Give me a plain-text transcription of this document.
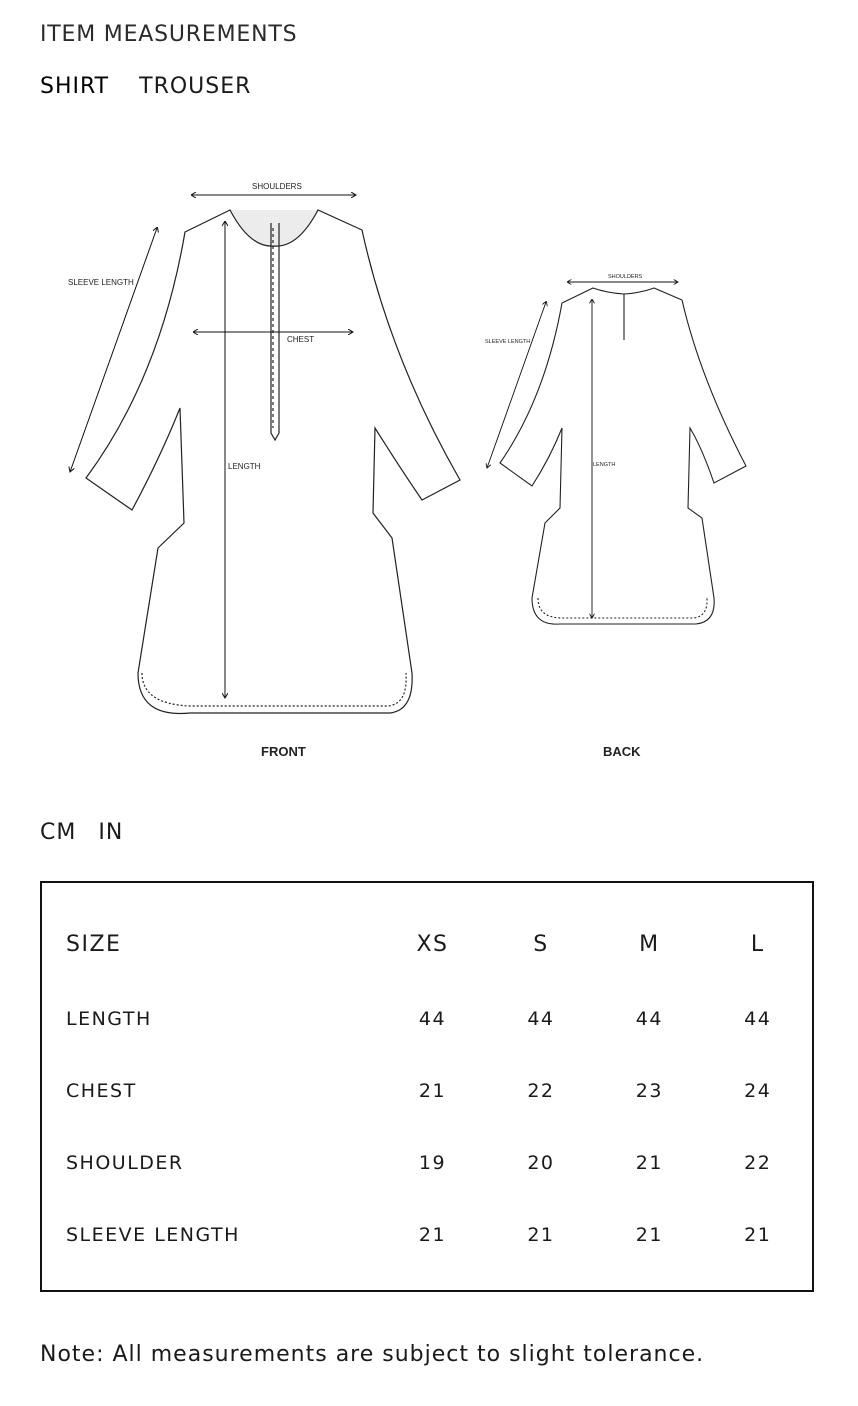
ITEM MEASUREMENTS
SHIRT TROUSER
SHOULDERS
SLEEVE LENGTH
CHEST
LENGTH
SHOULDERS
SLEEVE LENGTH
LENGTH
FRONT	BACK
CM IN
SIZE	XS	S	M	L
LENGTH	44	44	44	44
CHEST	21	22	23	24
SHOULDER	19	20	21	22
SLEEVE LENGTH	21	21	21	21
Note: All measurements are subject to slight tolerance.
